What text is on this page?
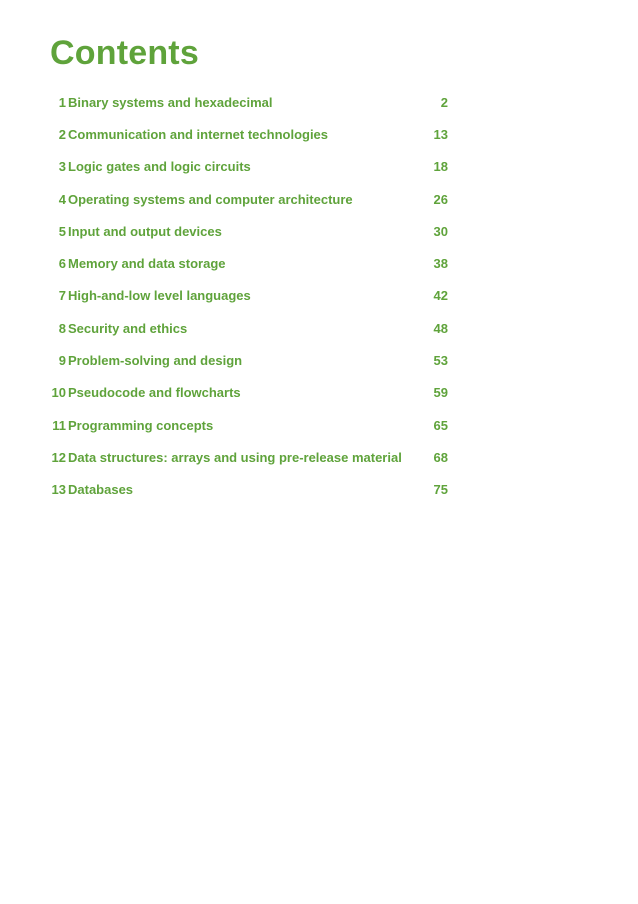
Contents
1 Binary systems and hexadecimal	2
2 Communication and internet technologies	13
3 Logic gates and logic circuits	18
4 Operating systems and computer architecture	26
5 Input and output devices	30
6 Memory and data storage	38
7 High-and-low level languages	42
8 Security and ethics	48
9 Problem-solving and design	53
10 Pseudocode and flowcharts	59
11 Programming concepts	65
12 Data structures: arrays and using pre-release material	68
13 Databases	75
